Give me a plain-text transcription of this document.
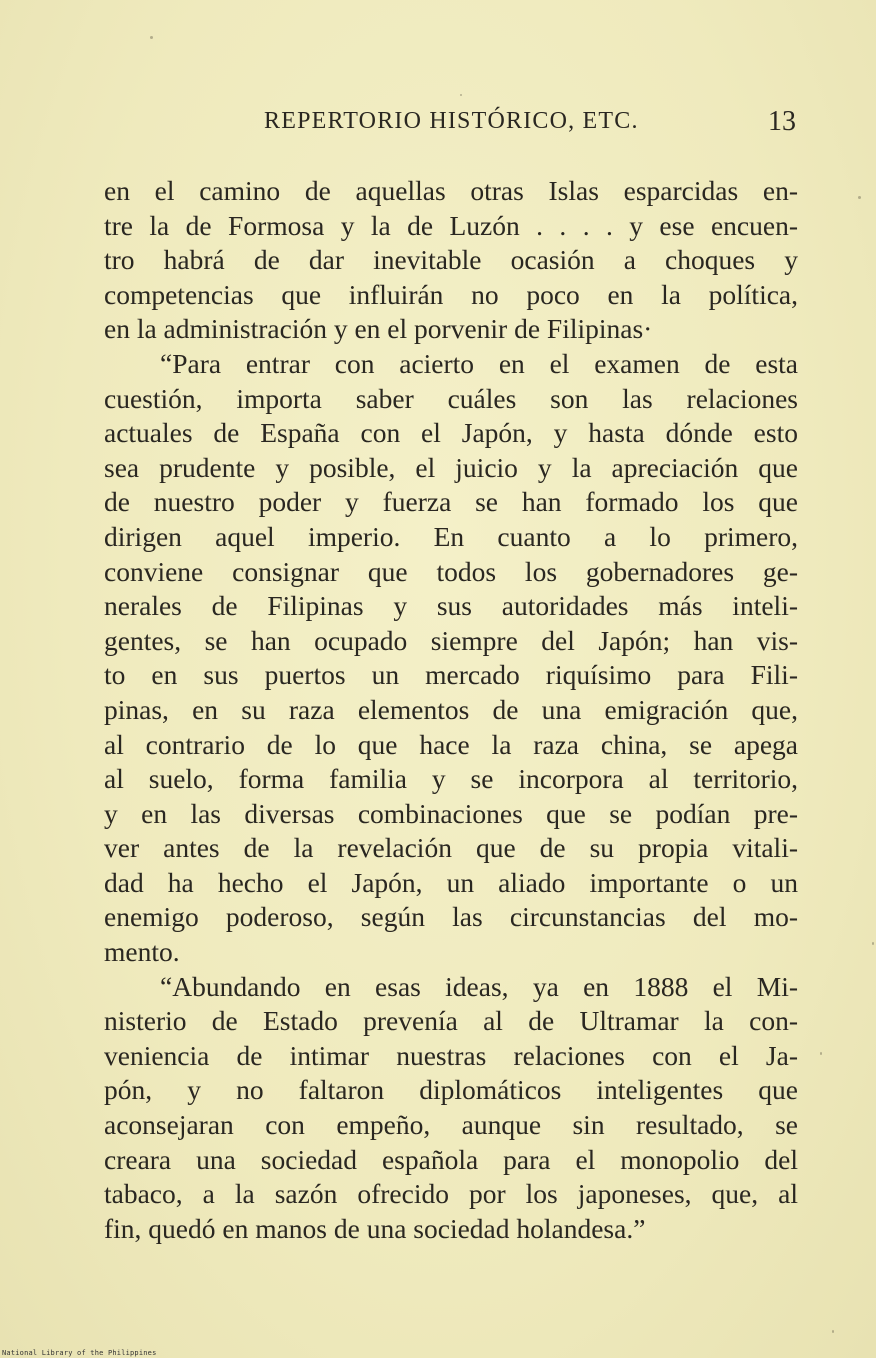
REPERTORIO HISTÓRICO, ETC.	13
en el camino de aquellas otras Islas esparcidas en-
tre la de Formosa y la de Luzón . . . . y ese encuen-
tro habrá de dar inevitable ocasión a choques y
competencias que influirán no poco en la política,
en la administración y en el porvenir de Filipinas·
“Para entrar con acierto en el examen de esta
cuestión, importa saber cuáles son las relaciones
actuales de España con el Japón, y hasta dónde esto
sea prudente y posible, el juicio y la apreciación que
de nuestro poder y fuerza se han formado los que
dirigen aquel imperio. En cuanto a lo primero,
conviene consignar que todos los gobernadores ge-
nerales de Filipinas y sus autoridades más inteli-
gentes, se han ocupado siempre del Japón; han vis-
to en sus puertos un mercado riquísimo para Fili-
pinas, en su raza elementos de una emigración que,
al contrario de lo que hace la raza china, se apega
al suelo, forma familia y se incorpora al territorio,
y en las diversas combinaciones que se podían pre-
ver antes de la revelación que de su propia vitali-
dad ha hecho el Japón, un aliado importante o un
enemigo poderoso, según las circunstancias del mo-
mento.
“Abundando en esas ideas, ya en 1888 el Mi-
nisterio de Estado prevenía al de Ultramar la con-
veniencia de intimar nuestras relaciones con el Ja-
pón, y no faltaron diplomáticos inteligentes que
aconsejaran con empeño, aunque sin resultado, se
creara una sociedad española para el monopolio del
tabaco, a la sazón ofrecido por los japoneses, que, al
fin, quedó en manos de una sociedad holandesa.”
National Library of the Philippines
